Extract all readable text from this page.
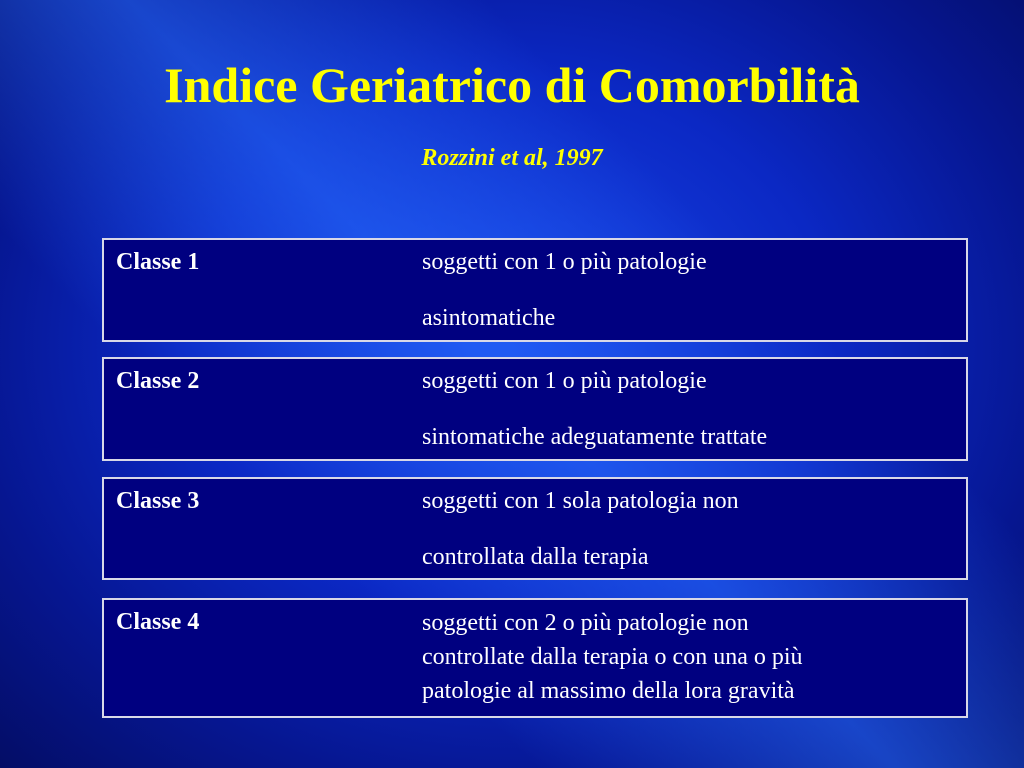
Indice Geriatrico di Comorbilità
Rozzini et al, 1997
Classe 1	soggetti con 1 o più patologie
asintomatiche
Classe 2	soggetti con 1 o più patologie
sintomatiche adeguatamente trattate
Classe 3	soggetti con 1 sola patologia non
controllata dalla terapia
Classe 4	soggetti con 2 o più patologie non
controllate dalla terapia o con una o più
patologie al massimo della lora gravità
